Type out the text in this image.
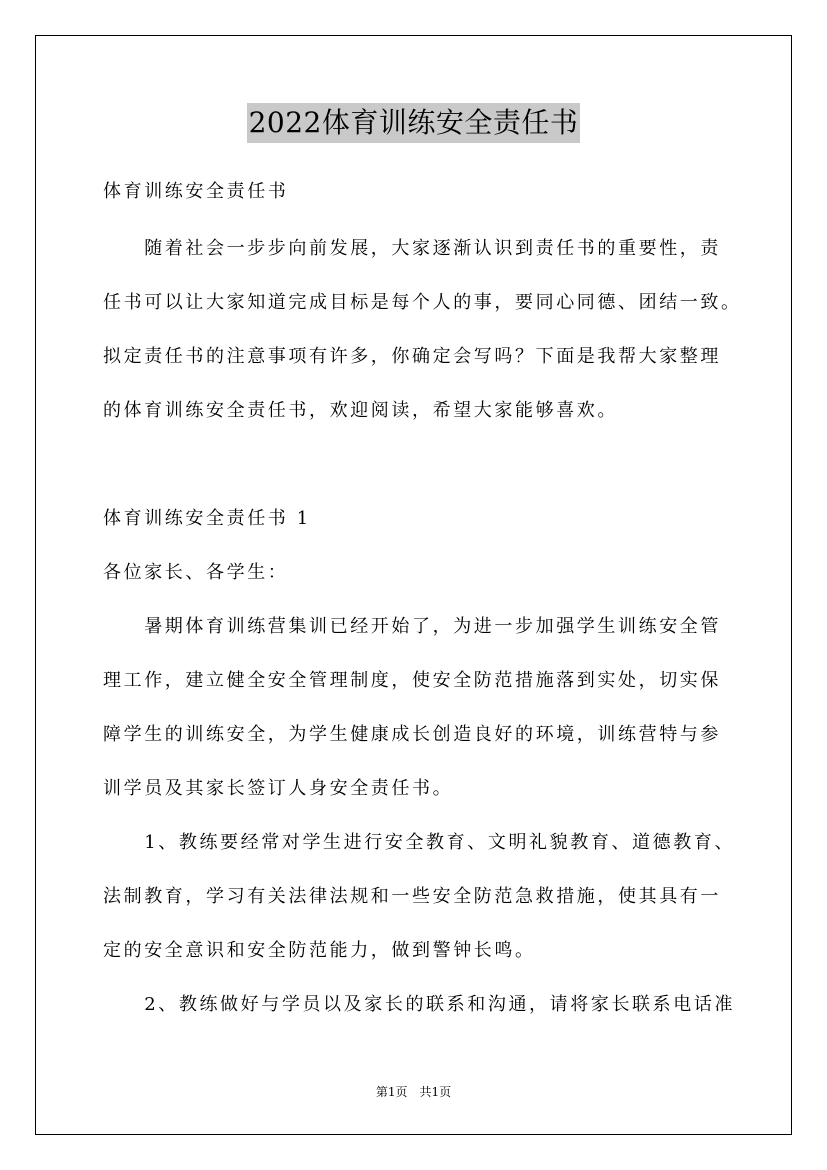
2022体育训练安全责任书
体育训练安全责任书
　　随着社会一步步向前发展，大家逐渐认识到责任书的重要性，责
任书可以让大家知道完成目标是每个人的事，要同心同德、团结一致。
拟定责任书的注意事项有许多，你确定会写吗？下面是我帮大家整理
的体育训练安全责任书，欢迎阅读，希望大家能够喜欢。
体育训练安全责任书 1
各位家长、各学生：
　　暑期体育训练营集训已经开始了，为进一步加强学生训练安全管
理工作，建立健全安全管理制度，使安全防范措施落到实处，切实保
障学生的训练安全，为学生健康成长创造良好的环境，训练营特与参
训学员及其家长签订人身安全责任书。
　　1、教练要经常对学生进行安全教育、文明礼貌教育、道德教育、
法制教育，学习有关法律法规和一些安全防范急救措施，使其具有一
定的安全意识和安全防范能力，做到警钟长鸣。
　　2、教练做好与学员以及家长的联系和沟通，请将家长联系电话准
第1页　共1页
